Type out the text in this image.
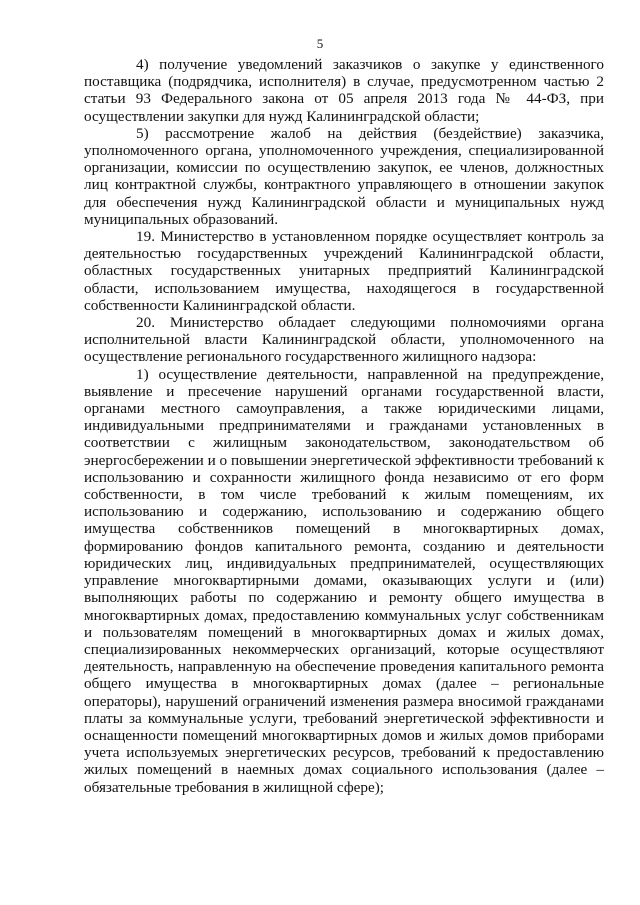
5

4) получение уведомлений заказчиков о закупке у единственного поставщика (подрядчика, исполнителя) в случае, предусмотренном частью 2 статьи 93 Федерального закона от 05 апреля 2013 года № 44-ФЗ, при осуществлении закупки для нужд Калининградской области;

5) рассмотрение жалоб на действия (бездействие) заказчика, уполномоченного органа, уполномоченного учреждения, специализированной организации, комиссии по осуществлению закупок, ее членов, должностных лиц контрактной службы, контрактного управляющего в отношении закупок для обеспечения нужд Калининградской области и муниципальных нужд муниципальных образований.

19. Министерство в установленном порядке осуществляет контроль за деятельностью государственных учреждений Калининградской области, областных государственных унитарных предприятий Калининградской области, использованием имущества, находящегося в государственной собственности Калининградской области.

20. Министерство обладает следующими полномочиями органа исполнительной власти Калининградской области, уполномоченного на осуществление регионального государственного жилищного надзора:

1) осуществление деятельности, направленной на предупреждение, выявление и пресечение нарушений органами государственной власти, органами местного самоуправления, а также юридическими лицами, индивидуальными предпринимателями и гражданами установленных в соответствии с жилищным законодательством, законодательством об энергосбережении и о повышении энергетической эффективности требований к использованию и сохранности жилищного фонда независимо от его форм собственности, в том числе требований к жилым помещениям, их использованию и содержанию, использованию и содержанию общего имущества собственников помещений в многоквартирных домах, формированию фондов капитального ремонта, созданию и деятельности юридических лиц, индивидуальных предпринимателей, осуществляющих управление многоквартирными домами, оказывающих услуги и (или) выполняющих работы по содержанию и ремонту общего имущества в многоквартирных домах, предоставлению коммунальных услуг собственникам и пользователям помещений в многоквартирных домах и жилых домах, специализированных некоммерческих организаций, которые осуществляют деятельность, направленную на обеспечение проведения капитального ремонта общего имущества в многоквартирных домах (далее – региональные операторы), нарушений ограничений изменения размера вносимой гражданами платы за коммунальные услуги, требований энергетической эффективности и оснащенности помещений многоквартирных домов и жилых домов приборами учета используемых энергетических ресурсов, требований к предоставлению жилых помещений в наемных домах социального использования (далее – обязательные требования в жилищной сфере);
